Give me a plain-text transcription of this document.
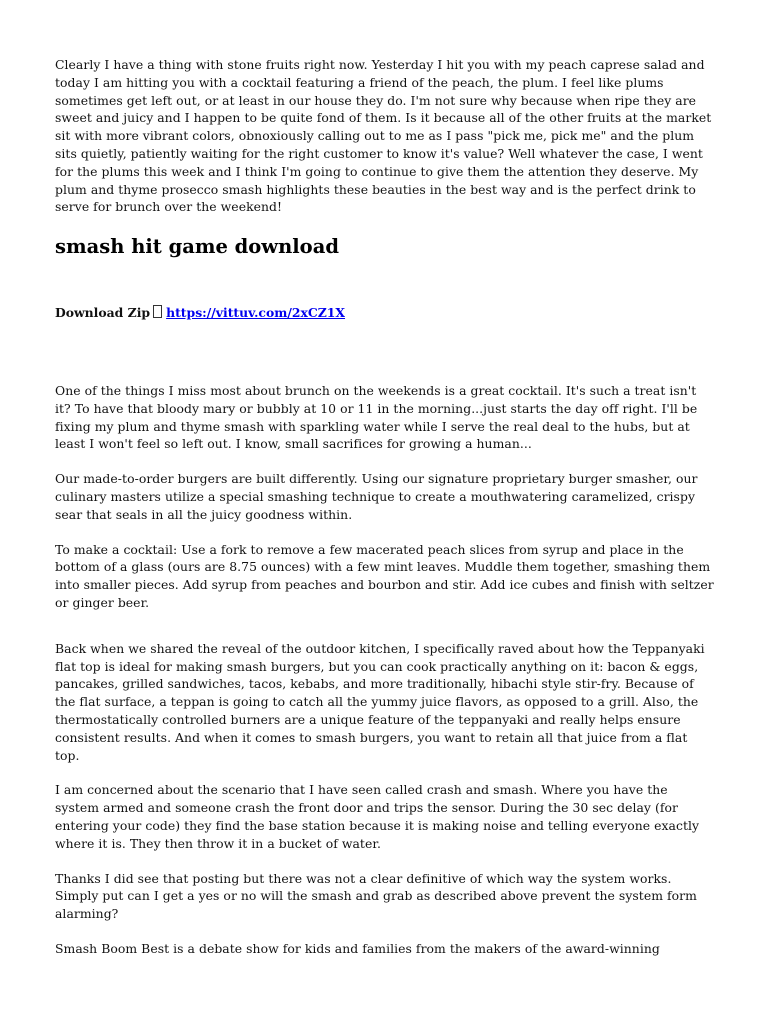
Clearly I have a thing with stone fruits right now. Yesterday I hit you with my peach caprese salad and today I am hitting you with a cocktail featuring a friend of the peach, the plum. I feel like plums sometimes get left out, or at least in our house they do. I'm not sure why because when ripe they are sweet and juicy and I happen to be quite fond of them. Is it because all of the other fruits at the market sit with more vibrant colors, obnoxiously calling out to me as I pass "pick me, pick me" and the plum sits quietly, patiently waiting for the right customer to know it's value? Well whatever the case, I went for the plums this week and I think I'm going to continue to give them the attention they deserve. My plum and thyme prosecco smash highlights these beauties in the best way and is the perfect drink to serve for brunch over the weekend!

smash hit game download
Download Zip https://vittuv.com/2xCZ1X

One of the things I miss most about brunch on the weekends is a great cocktail. It's such a treat isn't it? To have that bloody mary or bubbly at 10 or 11 in the morning...just starts the day off right. I'll be fixing my plum and thyme smash with sparkling water while I serve the real deal to the hubs, but at least I won't feel so left out. I know, small sacrifices for growing a human...

Our made-to-order burgers are built differently. Using our signature proprietary burger smasher, our culinary masters utilize a special smashing technique to create a mouthwatering caramelized, crispy sear that seals in all the juicy goodness within.

To make a cocktail: Use a fork to remove a few macerated peach slices from syrup and place in the bottom of a glass (ours are 8.75 ounces) with a few mint leaves. Muddle them together, smashing them into smaller pieces. Add syrup from peaches and bourbon and stir. Add ice cubes and finish with seltzer or ginger beer.

Back when we shared the reveal of the outdoor kitchen, I specifically raved about how the Teppanyaki flat top is ideal for making smash burgers, but you can cook practically anything on it: bacon & eggs, pancakes, grilled sandwiches, tacos, kebabs, and more traditionally, hibachi style stir-fry. Because of the flat surface, a teppan is going to catch all the yummy juice flavors, as opposed to a grill. Also, the thermostatically controlled burners are a unique feature of the teppanyaki and really helps ensure consistent results. And when it comes to smash burgers, you want to retain all that juice from a flat top.

I am concerned about the scenario that I have seen called crash and smash. Where you have the system armed and someone crash the front door and trips the sensor. During the 30 sec delay (for entering your code) they find the base station because it is making noise and telling everyone exactly where it is. They then throw it in a bucket of water.

Thanks I did see that posting but there was not a clear definitive of which way the system works. Simply put can I get a yes or no will the smash and grab as described above prevent the system form alarming?

Smash Boom Best is a debate show for kids and families from the makers of the award-winning
